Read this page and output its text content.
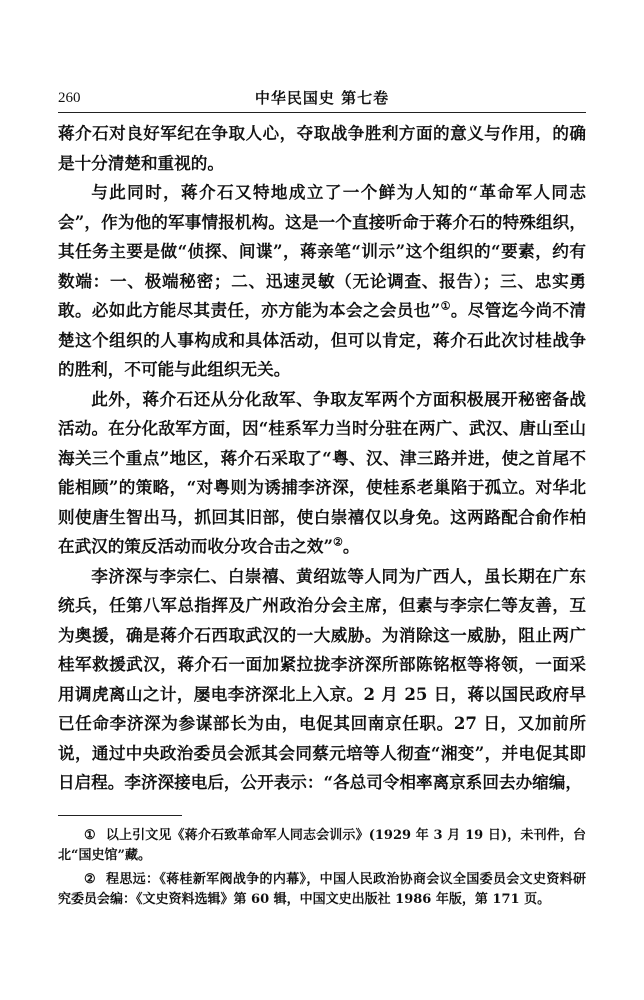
260	中华民国史 第七卷

蒋介石对良好军纪在争取人心，夺取战争胜利方面的意义与作用，的确是十分清楚和重视的。

与此同时，蒋介石又特地成立了一个鲜为人知的“革命军人同志会”，作为他的军事情报机构。这是一个直接听命于蒋介石的特殊组织，其任务主要是做“侦探、间谍”，蒋亲笔“训示”这个组织的“要素，约有数端：一、极端秘密；二、迅速灵敏（无论调查、报告）；三、忠实勇敢。必如此方能尽其责任，亦方能为本会之会员也”①。尽管迄今尚不清楚这个组织的人事构成和具体活动，但可以肯定，蒋介石此次讨桂战争的胜利，不可能与此组织无关。

此外，蒋介石还从分化敌军、争取友军两个方面积极展开秘密备战活动。在分化敌军方面，因“桂系军力当时分驻在两广、武汉、唐山至山海关三个重点”地区，蒋介石采取了“粤、汉、津三路并进，使之首尾不能相顾”的策略，“对粤则为诱捕李济深，使桂系老巢陷于孤立。对华北则使唐生智出马，抓回其旧部，使白崇禧仅以身免。这两路配合俞作柏在武汉的策反活动而收分攻合击之效”②。

李济深与李宗仁、白崇禧、黄绍竑等人同为广西人，虽长期在广东统兵，任第八军总指挥及广州政治分会主席，但素与李宗仁等友善，互为奥援，确是蒋介石西取武汉的一大威胁。为消除这一威胁，阻止两广桂军救援武汉，蒋介石一面加紧拉拢李济深所部陈铭枢等将领，一面采用调虎离山之计，屡电李济深北上入京。2 月 25 日，蒋以国民政府早已任命李济深为参谋部长为由，电促其回南京任职。27 日，又加前所说，通过中央政治委员会派其会同蔡元培等人彻查“湘变”，并电促其即日启程。李济深接电后，公开表示：“各总司令相率离京系回去办缩编，

① 以上引文见《蒋介石致革命军人同志会训示》(1929 年 3 月 19 日)，未刊件，台北“国史馆”藏。

② 程思远：《蒋桂新军阀战争的内幕》，中国人民政治协商会议全国委员会文史资料研究委员会编：《文史资料选辑》第 60 辑，中国文史出版社 1986 年版，第 171 页。
